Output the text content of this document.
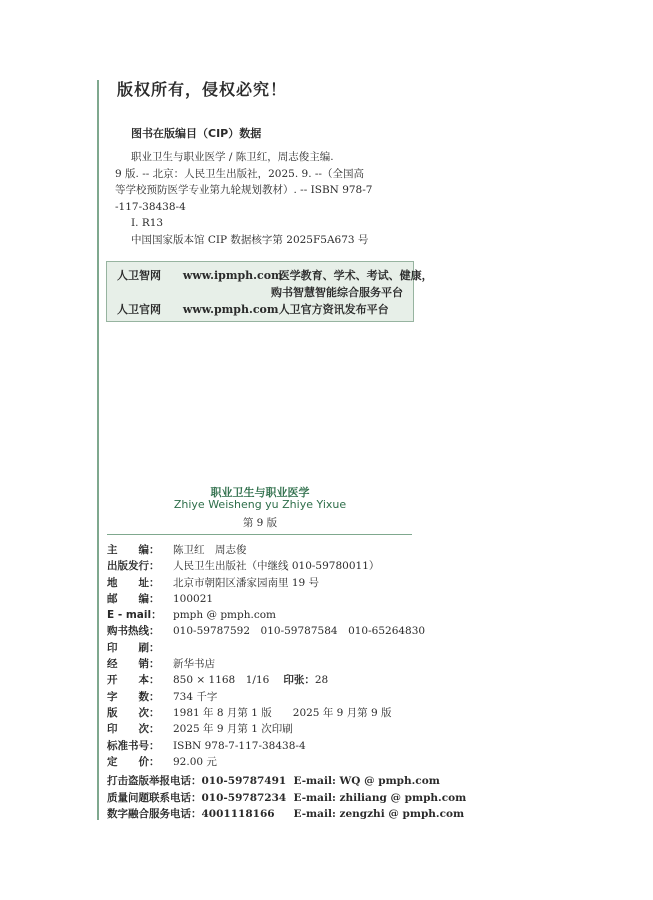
版权所有，侵权必究！
图书在版编目（CIP）数据
职业卫生与职业医学 / 陈卫红，周志俊主编.
9 版. -- 北京：人民卫生出版社，2025. 9. --（全国高
等学校预防医学专业第九轮规划教材）. -- ISBN 978-7
-117-38438-4
Ⅰ. R13
中国国家版本馆 CIP 数据核字第 2025F5A673 号
人卫智网 www.ipmph.com 医学教育、学术、考试、健康，
购书智慧智能综合服务平台
人卫官网 www.pmph.com 人卫官方资讯发布平台
职业卫生与职业医学
Zhiye Weisheng yu Zhiye Yixue
第 9 版
主　　编： 陈卫红　周志俊
出版发行： 人民卫生出版社（中继线 010-59780011）
地　　址： 北京市朝阳区潘家园南里 19 号
邮　　编： 100021
E - mail： pmph @ pmph.com
购书热线： 010-59787592　010-59787584　010-65264830
印　　刷：
经　　销： 新华书店
开　　本： 850 × 1168　1/16 印张：28
字　　数： 734 千字
版　　次： 1981 年 8 月第 1 版　　2025 年 9 月第 9 版
印　　次： 2025 年 9 月第 1 次印刷
标准书号： ISBN 978-7-117-38438-4
定　　价： 92.00 元
打击盗版举报电话：010-59787491 E-mail: WQ @ pmph.com
质量问题联系电话：010-59787234 E-mail: zhiliang @ pmph.com
数字融合服务电话：4001118166 E-mail: zengzhi @ pmph.com
